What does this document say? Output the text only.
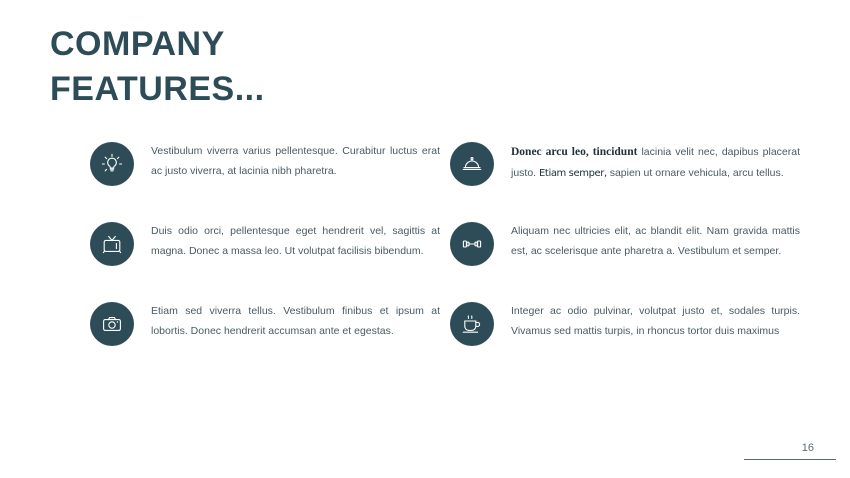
COMPANY
FEATURES...
Vestibulum viverra varius pellentesque. Curabitur luctus erat ac justo viverra, at lacinia nibh pharetra.
Donec arcu leo, tincidunt lacinia velit nec, dapibus placerat justo. Etiam semper, sapien ut ornare vehicula, arcu tellus.
Duis odio orci, pellentesque eget hendrerit vel, sagittis at magna. Donec a massa leo. Ut volutpat facilisis bibendum.
Aliquam nec ultricies elit, ac blandit elit. Nam gravida mattis est, ac scelerisque ante pharetra a. Vestibulum et semper.
Etiam sed viverra tellus. Vestibulum finibus et ipsum at lobortis. Donec hendrerit accumsan ante et egestas.
Integer ac odio pulvinar, volutpat justo et, sodales turpis. Vivamus sed mattis turpis, in rhoncus tortor duis maximus
16
